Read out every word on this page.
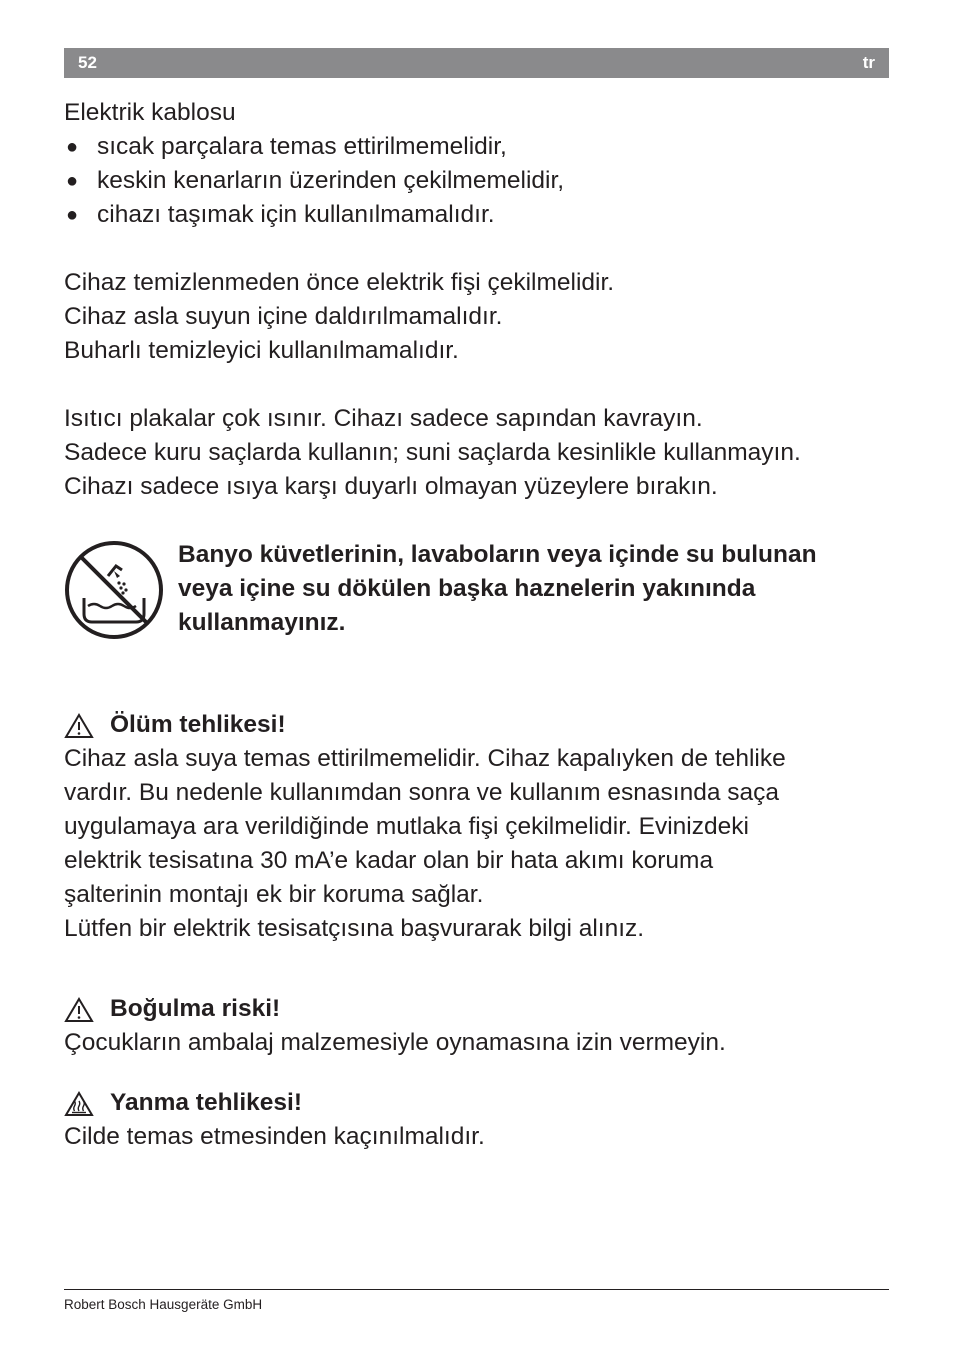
52	tr
Elektrik kablosu
● sıcak parçalara temas ettirilmemelidir,
● keskin kenarların üzerinden çekilmemelidir,
● cihazı taşımak için kullanılmamalıdır.
Cihaz temizlenmeden önce elektrik fişi çekilmelidir.
Cihaz asla suyun içine daldırılmamalıdır.
Buharlı temizleyici kullanılmamalıdır.
Isıtıcı plakalar çok ısınır. Cihazı sadece sapından kavrayın.
Sadece kuru saçlarda kullanın; suni saçlarda kesinlikle kullanmayın.
Cihazı sadece ısıya karşı duyarlı olmayan yüzeylere bırakın.
Banyo küvetlerinin, lavaboların veya içinde su bulunan
veya içine su dökülen başka haznelerin yakınında
kullanmayınız.
Ölüm tehlikesi!
Cihaz asla suya temas ettirilmemelidir. Cihaz kapalıyken de tehlike
vardır. Bu nedenle kullanımdan sonra ve kullanım esnasında saça
uygulamaya ara verildiğinde mutlaka fişi çekilmelidir. Evinizdeki
elektrik tesisatına 30 mA’e kadar olan bir hata akımı koruma
şalterinin montajı ek bir koruma sağlar.
Lütfen bir elektrik tesisatçısına başvurarak bilgi alınız.
Boğulma riski!
Çocukların ambalaj malzemesiyle oynamasına izin vermeyin.
Yanma tehlikesi!
Cilde temas etmesinden kaçınılmalıdır.
Robert Bosch Hausgeräte GmbH
